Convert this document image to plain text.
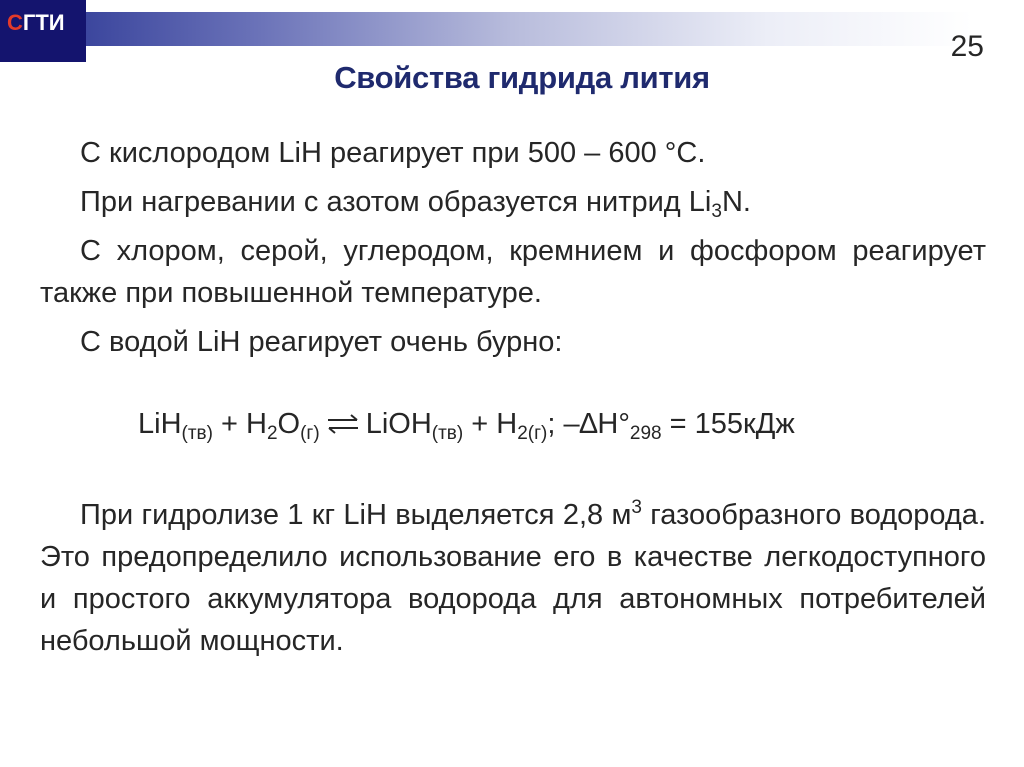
СГТИ
25
Свойства гидрида лития
С кислородом LiH реагирует при 500 – 600 °С.
При нагревании с азотом образуется нитрид $Li_3N$.
С хлором, серой, углеродом, кремнием и фосфором реагирует также при повышенной температуре.
С водой LiH реагирует очень бурно:
$LiH_{(тв)} + H_2O_{(г)}$ ⇌ LiOH$_{(тв)}$ + $H_{2(г)}$; $-\Delta H^\circ_{298} = 155кДж$
При гидролизе 1 кг LiH выделяется 2,8 $м^3$ газообразного водорода. Это предопределило использование его в качестве легкодоступного и простого аккумулятора водорода для автономных потребителей небольшой мощности.
